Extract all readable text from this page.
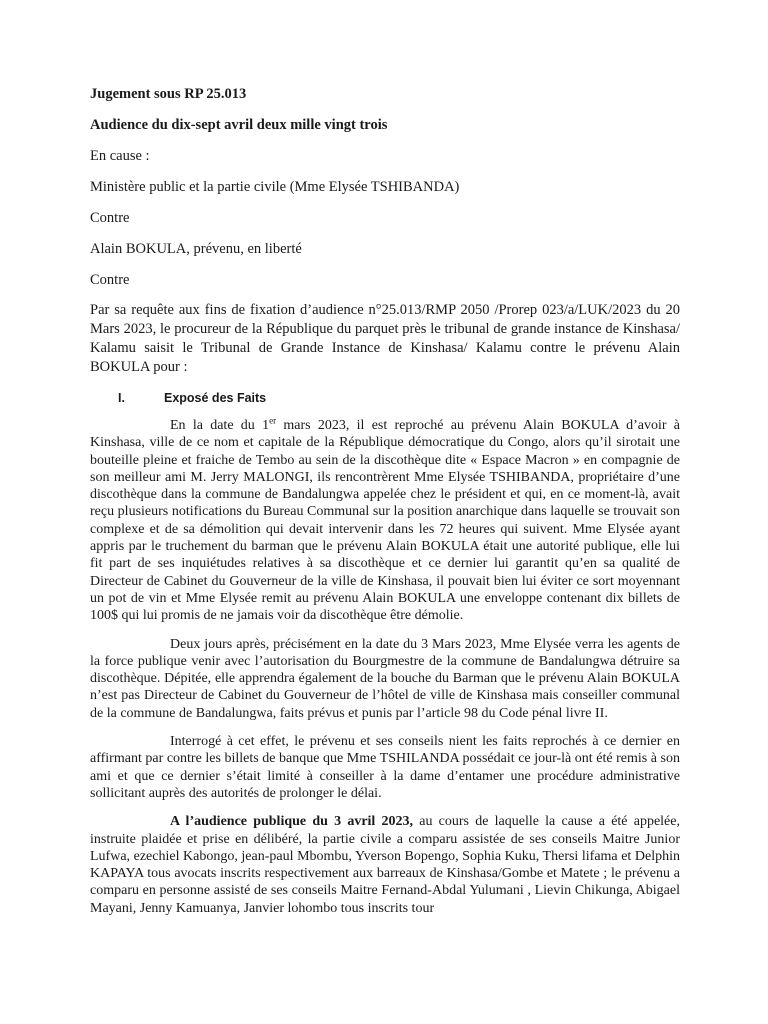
Jugement sous RP 25.013
Audience du dix-sept avril deux mille vingt trois
En cause :
Ministère public et la partie civile (Mme Elysée TSHIBANDA)
Contre
Alain BOKULA, prévenu, en liberté
Contre

Par sa requête aux fins de fixation d’audience n°25.013/RMP 2050 /Prorep 023/a/LUK/2023 du 20 Mars 2023, le procureur de la République du parquet près le tribunal de grande instance de Kinshasa/ Kalamu saisit le Tribunal de Grande Instance de Kinshasa/ Kalamu contre le prévenu Alain BOKULA pour :

I.	Exposé des Faits

En la date du 1er mars 2023, il est reproché au prévenu Alain BOKULA d’avoir à Kinshasa, ville de ce nom et capitale de la République démocratique du Congo, alors qu’il sirotait une bouteille pleine et fraiche de Tembo au sein de la discothèque dite « Espace Macron » en compagnie de son meilleur ami M. Jerry MALONGI, ils rencontrèrent Mme Elysée TSHIBANDA, propriétaire d’une discothèque dans la commune de Bandalungwa appelée chez le président et qui, en ce moment-là, avait reçu plusieurs notifications du Bureau Communal sur la position anarchique dans laquelle se trouvait son complexe et de sa démolition qui devait intervenir dans les 72 heures qui suivent. Mme Elysée ayant appris par le truchement du barman que le prévenu Alain BOKULA était une autorité publique, elle lui fit part de ses inquiétudes relatives à sa discothèque et ce dernier lui garantit qu’en sa qualité de Directeur de Cabinet du Gouverneur de la ville de Kinshasa, il pouvait bien lui éviter ce sort moyennant un pot de vin et Mme Elysée remit au prévenu Alain BOKULA une enveloppe contenant dix billets de 100$ qui lui promis de ne jamais voir da discothèque être démolie.

Deux jours après, précisément en la date du 3 Mars 2023, Mme Elysée verra les agents de la force publique venir avec l’autorisation du Bourgmestre de la commune de Bandalungwa détruire sa discothèque. Dépitée, elle apprendra également de la bouche du Barman que le prévenu Alain BOKULA n’est pas Directeur de Cabinet du Gouverneur de l’hôtel de ville de Kinshasa mais conseiller communal de la commune de Bandalungwa, faits prévus et punis par l’article 98 du Code pénal livre II.

Interrogé à cet effet, le prévenu et ses conseils nient les faits reprochés à ce dernier en affirmant par contre les billets de banque que Mme TSHILANDA possédait ce jour-là ont été remis à son ami et que ce dernier s’était limité à conseiller à la dame d’entamer une procédure administrative sollicitant auprès des autorités de prolonger le délai.

A l’audience publique du 3 avril 2023, au cours de laquelle la cause a été appelée, instruite plaidée et prise en délibéré, la partie civile a comparu assistée de ses conseils Maitre Junior Lufwa, ezechiel Kabongo, jean-paul Mbombu, Yverson Bopengo, Sophia Kuku, Thersi lifama et Delphin KAPAYA tous avocats inscrits respectivement aux barreaux de Kinshasa/Gombe et Matete ; le prévenu a comparu en personne assisté de ses conseils Maitre Fernand-Abdal Yulumani , Lievin Chikunga, Abigael Mayani, Jenny Kamuanya, Janvier lohombo tous inscrits tour
